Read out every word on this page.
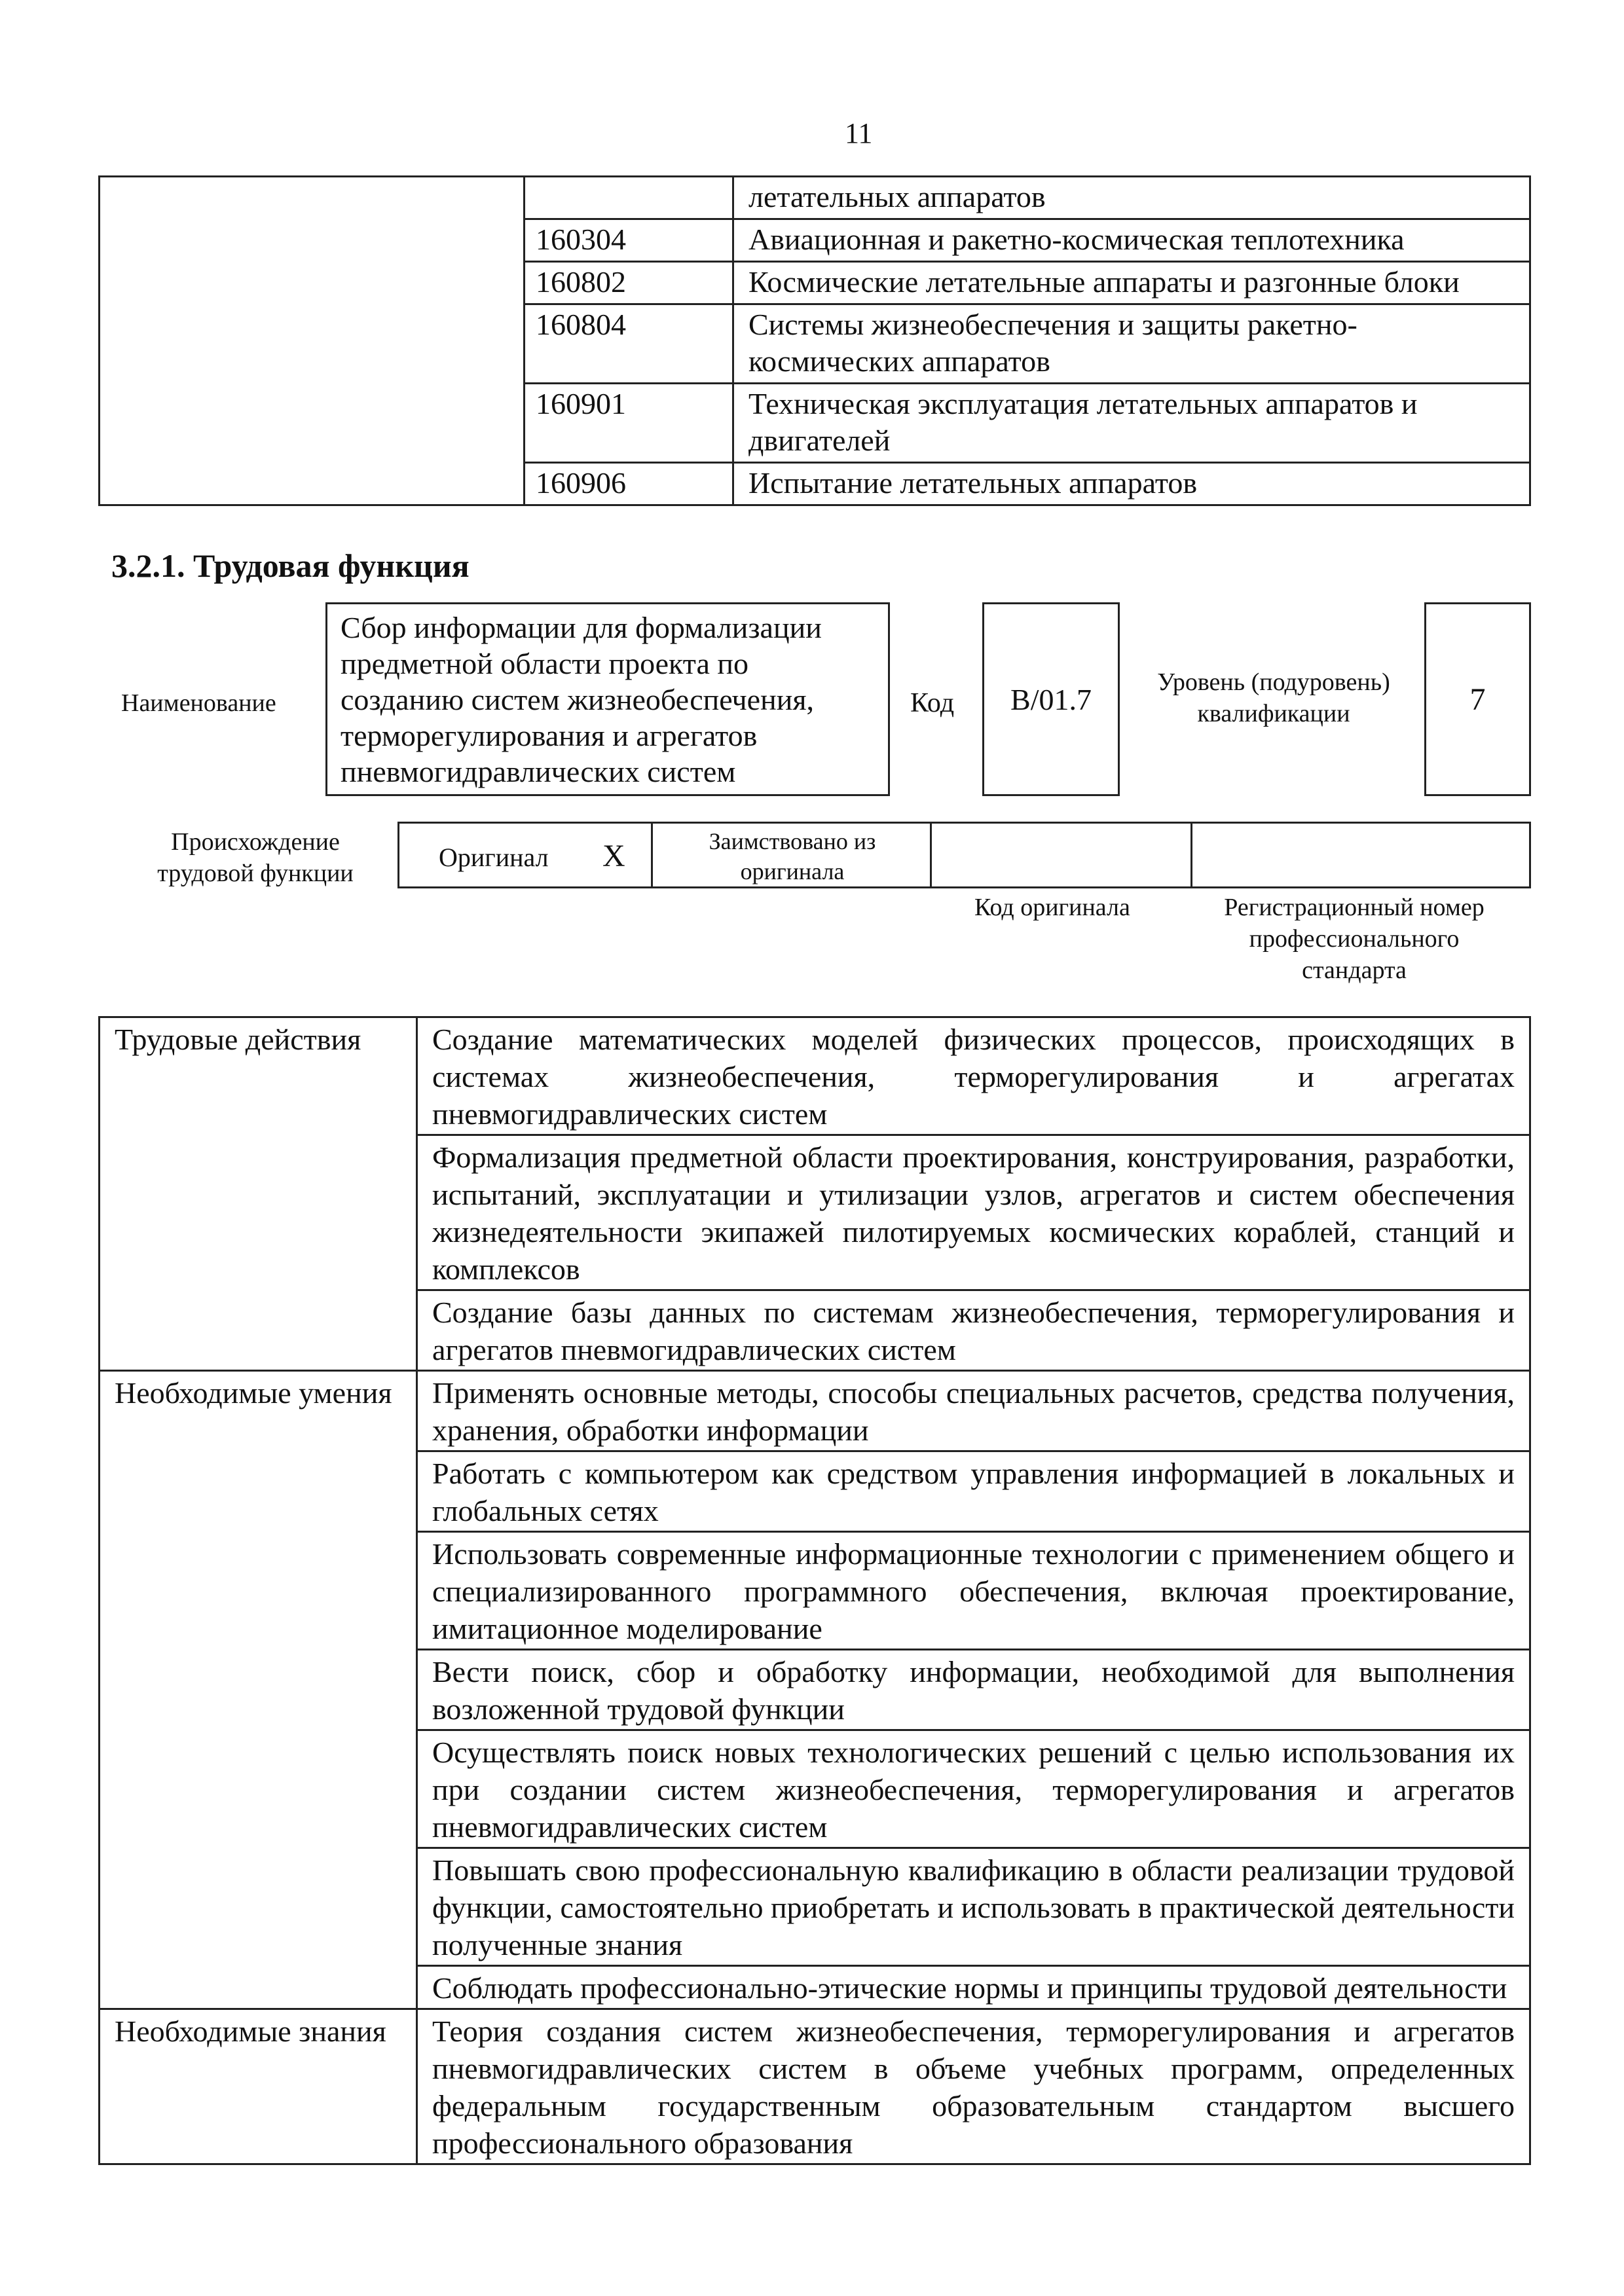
11
		летательных аппаратов
	160304	Авиационная и ракетно-космическая теплотехника
	160802	Космические летательные аппараты и разгонные блоки
	160804	Системы жизнеобеспечения и защиты ракетно-космических аппаратов
	160901	Техническая эксплуатация летательных аппаратов и двигателей
	160906	Испытание летательных аппаратов
3.2.1. Трудовая функция
Наименование
Сбор информации для формализации предметной области проекта по созданию систем жизнеобеспечения, терморегулирования и агрегатов пневмогидравлических систем
Код B/01.7
Уровень (подуровень) квалификации	7
Происхождение трудовой функции
Оригинал X	Заимствовано из оригинала
Код оригинала	Регистрационный номер профессионального стандарта
Трудовые действия	Создание математических моделей физических процессов, происходящих в системах жизнеобеспечения, терморегулирования и агрегатах пневмогидравлических систем
	Формализация предметной области проектирования, конструирования, разработки, испытаний, эксплуатации и утилизации узлов, агрегатов и систем обеспечения жизнедеятельности экипажей пилотируемых космических кораблей, станций и комплексов
	Создание базы данных по системам жизнеобеспечения, терморегулирования и агрегатов пневмогидравлических систем
Необходимые умения	Применять основные методы, способы специальных расчетов, средства получения, хранения, обработки информации
	Работать с компьютером как средством управления информацией в локальных и глобальных сетях
	Использовать современные информационные технологии с применением общего и специализированного программного обеспечения, включая проектирование, имитационное моделирование
	Вести поиск, сбор и обработку информации, необходимой для выполнения возложенной трудовой функции
	Осуществлять поиск новых технологических решений с целью использования их при создании систем жизнеобеспечения, терморегулирования и агрегатов пневмогидравлических систем
	Повышать свою профессиональную квалификацию в области реализации трудовой функции, самостоятельно приобретать и использовать в практической деятельности полученные знания
	Соблюдать профессионально-этические нормы и принципы трудовой деятельности
Необходимые знания	Теория создания систем жизнеобеспечения, терморегулирования и агрегатов пневмогидравлических систем в объеме учебных программ, определенных федеральным государственным образовательным стандартом высшего профессионального образования
